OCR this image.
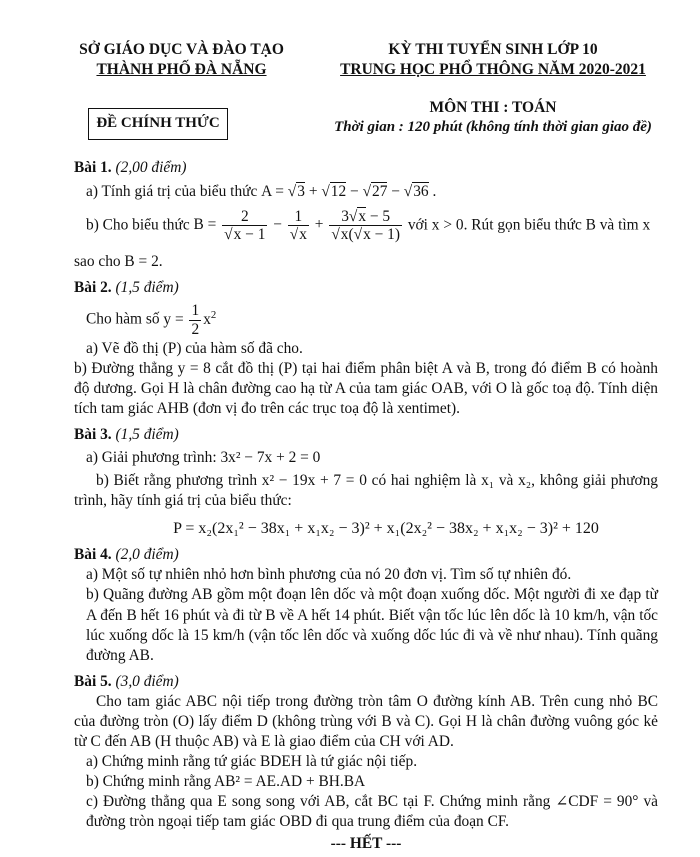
SỞ GIÁO DỤC VÀ ĐÀO TẠO
THÀNH PHỐ ĐÀ NẴNG
KỲ THI TUYỂN SINH LỚP 10
TRUNG HỌC PHỔ THÔNG NĂM 2020-2021
ĐỀ CHÍNH THỨC
MÔN THI : TOÁN
Thời gian : 120 phút (không tính thời gian giao đề)
Bài 1. (2,00 điểm)
a) Tính giá trị của biểu thức A = √3 + √12 − √27 − √36 .
b) Cho biểu thức $B = \frac{2}{√x - 1} - \frac{1}{√x} + \frac{3√x - 5}{√x(√x - 1)}$ với x > 0. Rút gọn biểu thức B và tìm x
sao cho B = 2.
Bài 2. (1,5 điểm)
Cho hàm số $y = \frac{1}{2} x^2$
a) Vẽ đồ thị (P) của hàm số đã cho.
b) Đường thẳng y = 8 cắt đồ thị (P) tại hai điểm phân biệt A và B, trong đó điểm B có hoành độ dương. Gọi H là chân đường cao hạ từ A của tam giác OAB, với O là gốc toạ độ. Tính diện tích tam giác AHB (đơn vị đo trên các trục toạ độ là xentimet).
Bài 3. (1,5 điểm)
a) Giải phương trình: 3x² − 7x + 2 = 0
b) Biết rằng phương trình x² − 19x + 7 = 0 có hai nghiệm là x₁ và x₂, không giải phương trình, hãy tính giá trị của biểu thức:
P = x₂(2x₁² − 38x₁ + x₁x₂ − 3)² + x₁(2x₂² − 38x₂ + x₁x₂ − 3)² + 120
Bài 4. (2,0 điểm)
a) Một số tự nhiên nhỏ hơn bình phương của nó 20 đơn vị. Tìm số tự nhiên đó.
b) Quãng đường AB gồm một đoạn lên dốc và một đoạn xuống dốc. Một người đi xe đạp từ A đến B hết 16 phút và đi từ B về A hết 14 phút. Biết vận tốc lúc lên dốc là 10 km/h, vận tốc lúc xuống dốc là 15 km/h (vận tốc lên dốc và xuống dốc lúc đi và về như nhau). Tính quãng đường AB.
Bài 5. (3,0 điểm)
Cho tam giác ABC nội tiếp trong đường tròn tâm O đường kính AB. Trên cung nhỏ BC của đường tròn (O) lấy điểm D (không trùng với B và C). Gọi H là chân đường vuông góc kẻ từ C đến AB (H thuộc AB) và E là giao điểm của CH với AD.
a) Chứng minh rằng tứ giác BDEH là tứ giác nội tiếp.
b) Chứng minh rằng AB² = AE.AD + BH.BA
c) Đường thẳng qua E song song với AB, cắt BC tại F. Chứng minh rằng ∠CDF = 90° và đường tròn ngoại tiếp tam giác OBD đi qua trung điểm của đoạn CF.
--- HẾT ---
